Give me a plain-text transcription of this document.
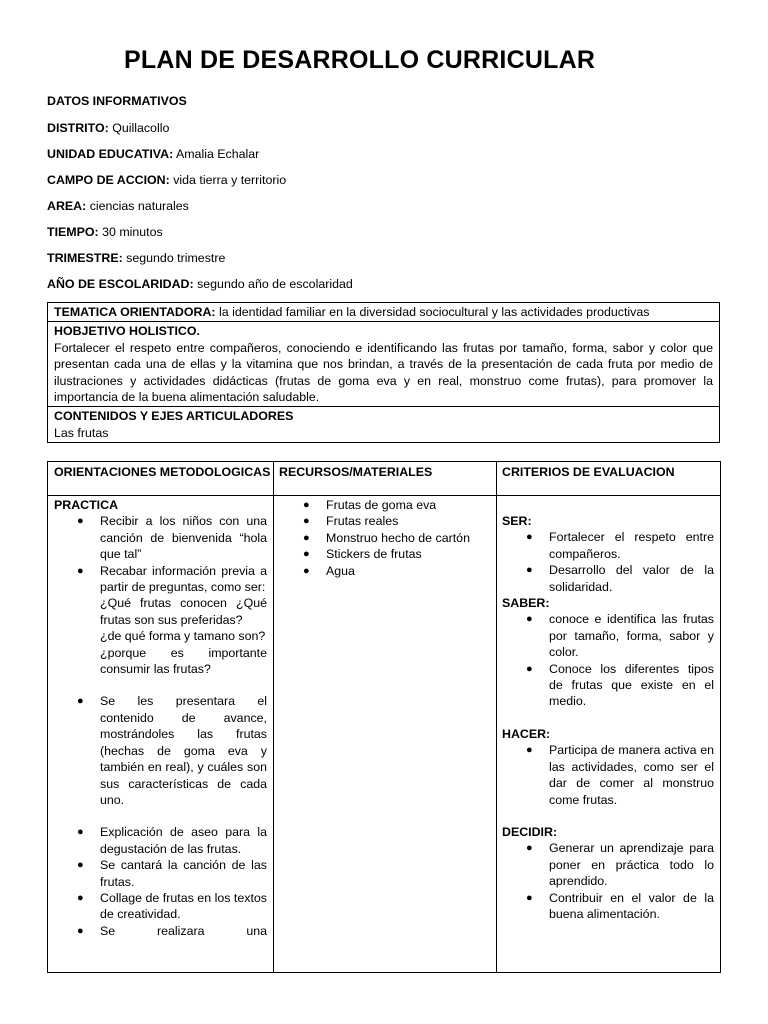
PLAN DE DESARROLLO CURRICULAR
DATOS INFORMATIVOS
DISTRITO: Quillacollo
UNIDAD EDUCATIVA: Amalia Echalar
CAMPO DE ACCION: vida tierra y territorio
AREA: ciencias naturales
TIEMPO: 30 minutos
TRIMESTRE: segundo trimestre
AÑO DE ESCOLARIDAD: segundo año de escolaridad
TEMATICA ORIENTADORA: la identidad familiar en la diversidad sociocultural y las actividades productivas
HOBJETIVO HOLISTICO.
Fortalecer el respeto entre compañeros, conociendo e identificando las frutas por tamaño, forma, sabor y color que presentan cada una de ellas y la vitamina que nos brindan, a través de la presentación de cada fruta por medio de ilustraciones y actividades didácticas (frutas de goma eva y en real, monstruo come frutas), para promover la importancia de la buena alimentación saludable.
CONTENIDOS Y EJES ARTICULADORES
Las frutas
ORIENTACIONES METODOLOGICAS
PRACTICA
● Recibir a los niños con una canción de bienvenida “hola que tal”
● Recabar información previa a partir de preguntas, como ser:
¿Qué frutas conocen ¿Qué frutas son sus preferidas?
¿de qué forma y tamano son?
¿porque es importante consumir las frutas?
● Se les presentara el contenido de avance, mostrándoles las frutas (hechas de goma eva y también en real), y cuáles son sus características de cada uno.
● Explicación de aseo para la degustación de las frutas.
● Se cantará la canción de las frutas.
● Collage de frutas en los textos de creatividad.
● Se realizara una
RECURSOS/MATERIALES
● Frutas de goma eva
● Frutas reales
● Monstruo hecho de cartón
● Stickers de frutas
● Agua
CRITERIOS DE EVALUACION
SER:
● Fortalecer el respeto entre compañeros.
● Desarrollo del valor de la solidaridad.
SABER:
● conoce e identifica las frutas por tamaño, forma, sabor y color.
● Conoce los diferentes tipos de frutas que existe en el medio.
HACER:
● Participa de manera activa en las actividades, como ser el dar de comer al monstruo come frutas.
DECIDIR:
● Generar un aprendizaje para poner en práctica todo lo aprendido.
● Contribuir en el valor de la buena alimentación.
